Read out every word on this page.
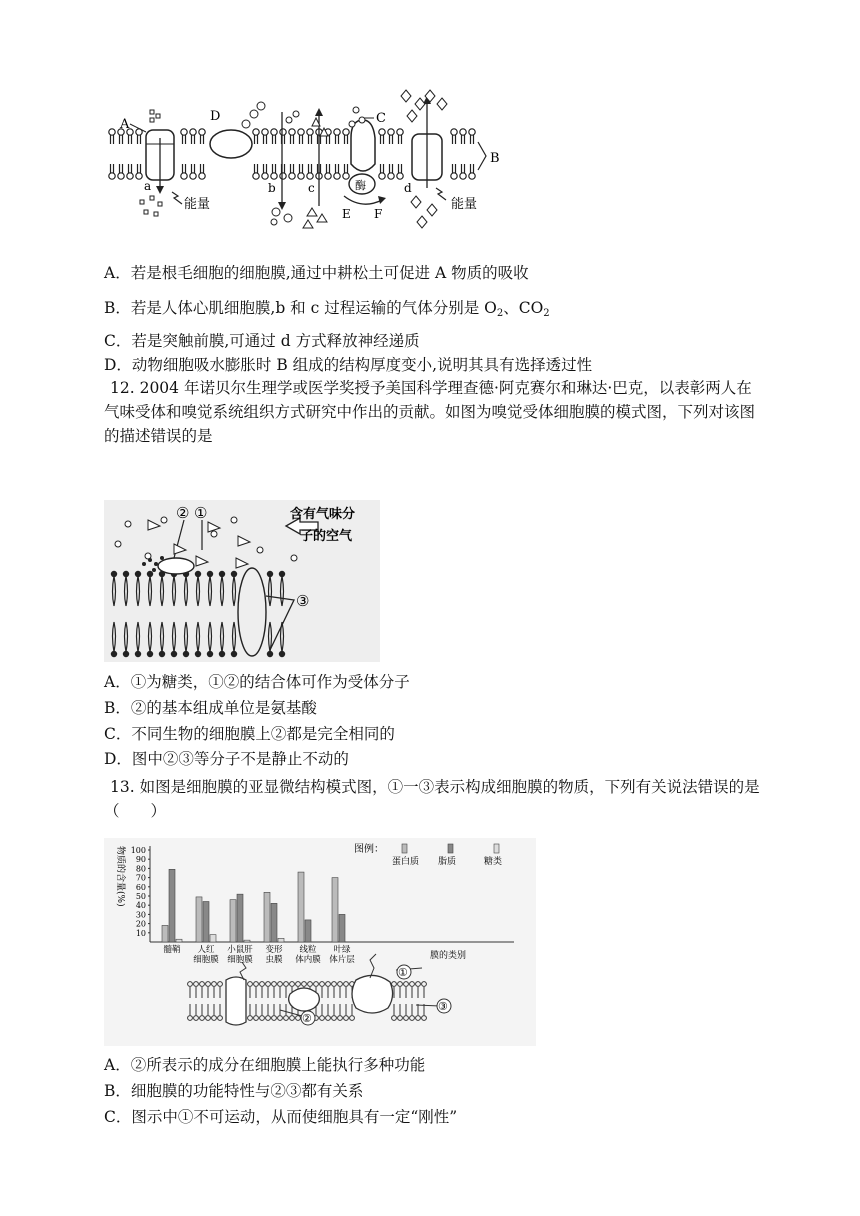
A
D	C
B
a	b	c	d
E F
酶
能量	能量
A．若是根毛细胞的细胞膜,通过中耕松土可促进 A 物质的吸收
B．若是人体心肌细胞膜,b 和 c 过程运输的气体分别是 $O_2$、$CO_2$
C．若是突触前膜,可通过 d 方式释放神经递质
D．动物细胞吸水膨胀时 B 组成的结构厚度变小,说明其具有选择透过性
12. 2004 年诺贝尔生理学或医学奖授予美国科学理查德·阿克赛尔和琳达·巴克，以表彰两人在气味受体和嗅觉系统组织方式研究中作出的贡献。如图为嗅觉受体细胞膜的模式图，下列对该图的描述错误的是
② ①
③
含有气味分
子的空气
A．①为糖类，①②的结合体可作为受体分子
B．②的基本组成单位是氨基酸
C．不同生物的细胞膜上②都是完全相同的
D．图中②③等分子不是静止不动的
13. 如图是细胞膜的亚显微结构模式图，①一③表示构成细胞膜的物质，下列有关说法错误的是（　　）
物质的含量(%)	图例：
100
90
80
70
60
50
40
30
20
10
蛋白质 脂质	糖类
髓鞘 人红
细胞膜
小鼠肝
细胞膜
变形
虫膜
线粒
体内膜
叶绿
体片层	膜的类别
①
③
②
A．②所表示的成分在细胞膜上能执行多种功能
B．细胞膜的功能特性与②③都有关系
C．图示中①不可运动，从而使细胞具有一定“刚性”
